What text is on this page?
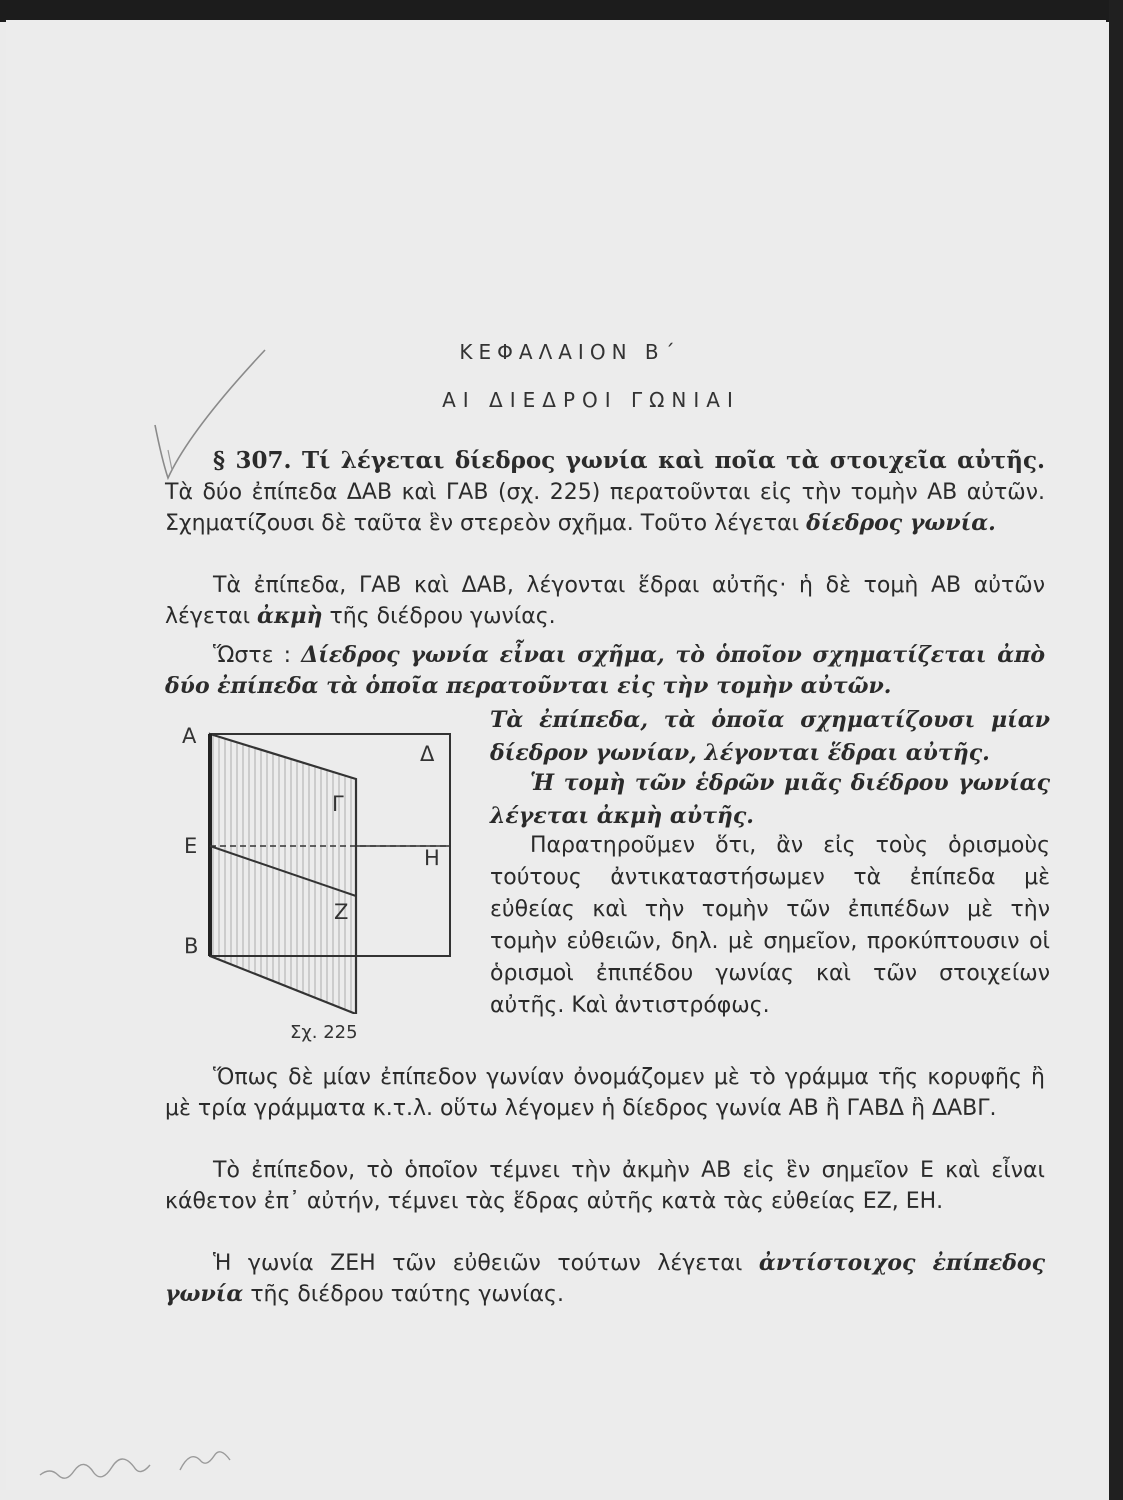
ΚΕΦΑΛΑΙΟΝ Β΄
ΑΙ ΔΙΕΔΡΟΙ ΓΩΝΙΑΙ
§ 307. Τί λέγεται δίεδρος γωνία καὶ ποῖα τὰ στοιχεῖα αὐτῆς. Τὰ δύο ἐπίπεδα ΔΑΒ καὶ ΓΑΒ (σχ. 225) περατοῦνται εἰς τὴν τομὴν ΑΒ αὐτῶν. Σχηματίζουσι δὲ ταῦτα ἓν στερεὸν σχῆμα. Τοῦτο λέγεται δίεδρος γωνία.
Τὰ ἐπίπεδα, ΓΑΒ καὶ ΔΑΒ, λέγονται ἕδραι αὐτῆς· ἡ δὲ τομὴ ΑΒ αὐτῶν λέγεται ἀκμὴ τῆς διέδρου γωνίας.
Ὥστε : Δίεδρος γωνία εἶναι σχῆμα, τὸ ὁποῖον σχηματίζεται ἀπὸ δύο ἐπίπεδα τὰ ὁποῖα περατοῦνται εἰς τὴν τομὴν αὐτῶν.
Τὰ ἐπίπεδα, τὰ ὁποῖα σχηματίζουσι μίαν δίεδρον γωνίαν, λέγονται ἕδραι αὐτῆς.
Ἡ τομὴ τῶν ἑδρῶν μιᾶς διέδρου γωνίας λέγεται ἀκμὴ αὐτῆς.
Παρατηροῦμεν ὅτι, ἂν εἰς τοὺς ὁρισμοὺς τούτους ἀντικαταστήσωμεν τὰ ἐπίπεδα μὲ εὐθείας καὶ τὴν τομὴν τῶν ἐπιπέδων μὲ τὴν τομὴν εὐθειῶν, δηλ. μὲ σημεῖον, προκύπτουσιν οἱ ὁρισμοὶ ἐπιπέδου γωνίας καὶ τῶν στοιχείων αὐτῆς. Καὶ ἀντιστρόφως.
Α
Δ
Γ
Ε	Η
Ζ
Β
Σχ. 225
Ὅπως δὲ μίαν ἐπίπεδον γωνίαν ὀνομάζομεν μὲ τὸ γράμμα τῆς κορυφῆς ἢ μὲ τρία γράμματα κ.τ.λ. οὕτω λέγομεν ἡ δίεδρος γωνία ΑΒ ἢ ΓΑΒΔ ἢ ΔΑΒΓ.
Τὸ ἐπίπεδον, τὸ ὁποῖον τέμνει τὴν ἀκμὴν ΑΒ εἰς ἓν σημεῖον Ε καὶ εἶναι κάθετον ἐπ᾽ αὐτήν, τέμνει τὰς ἕδρας αὐτῆς κατὰ τὰς εὐθείας ΕΖ, ΕΗ.
Ἡ γωνία ΖΕΗ τῶν εὐθειῶν τούτων λέγεται ἀντίστοιχος ἐπίπεδος γωνία τῆς διέδρου ταύτης γωνίας.
